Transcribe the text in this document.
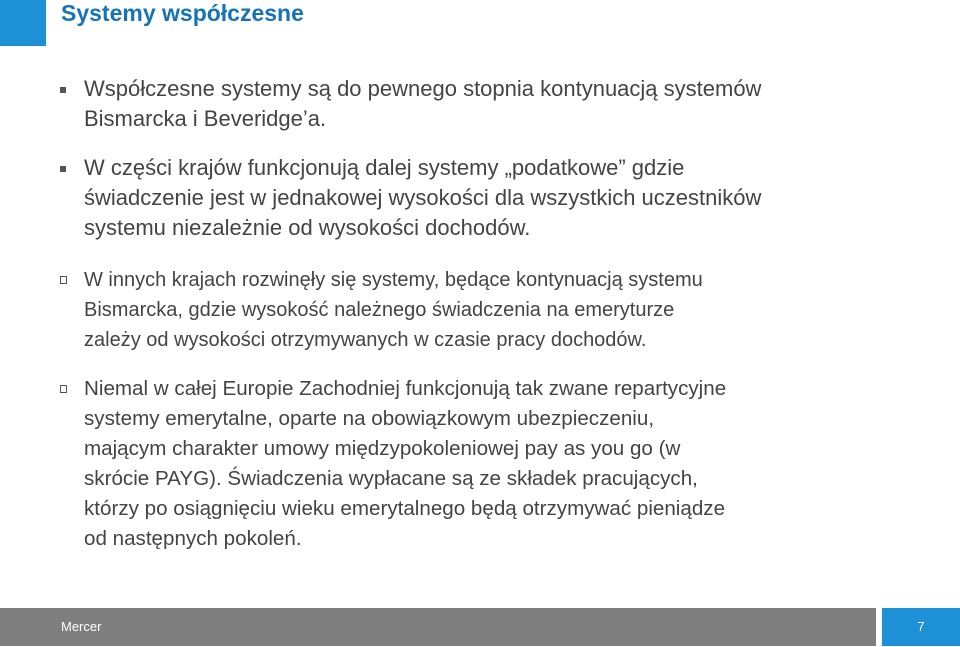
Systemy współczesne
Współczesne systemy są do pewnego stopnia kontynuacją systemów
Bismarcka i Beveridge’a.
W części krajów funkcjonują dalej systemy „podatkowe” gdzie
świadczenie jest w jednakowej wysokości dla wszystkich uczestników
systemu niezależnie od wysokości dochodów.
W innych krajach rozwinęły się systemy, będące kontynuacją systemu
Bismarcka, gdzie wysokość należnego świadczenia na emeryturze
zależy od wysokości otrzymywanych w czasie pracy dochodów.
Niemal w całej Europie Zachodniej funkcjonują tak zwane repartycyjne
systemy emerytalne, oparte na obowiązkowym ubezpieczeniu,
mającym charakter umowy międzypokoleniowej pay as you go (w
skrócie PAYG). Świadczenia wypłacane są ze składek pracujących,
którzy po osiągnięciu wieku emerytalnego będą otrzymywać pieniądze
od następnych pokoleń.
Mercer	7
